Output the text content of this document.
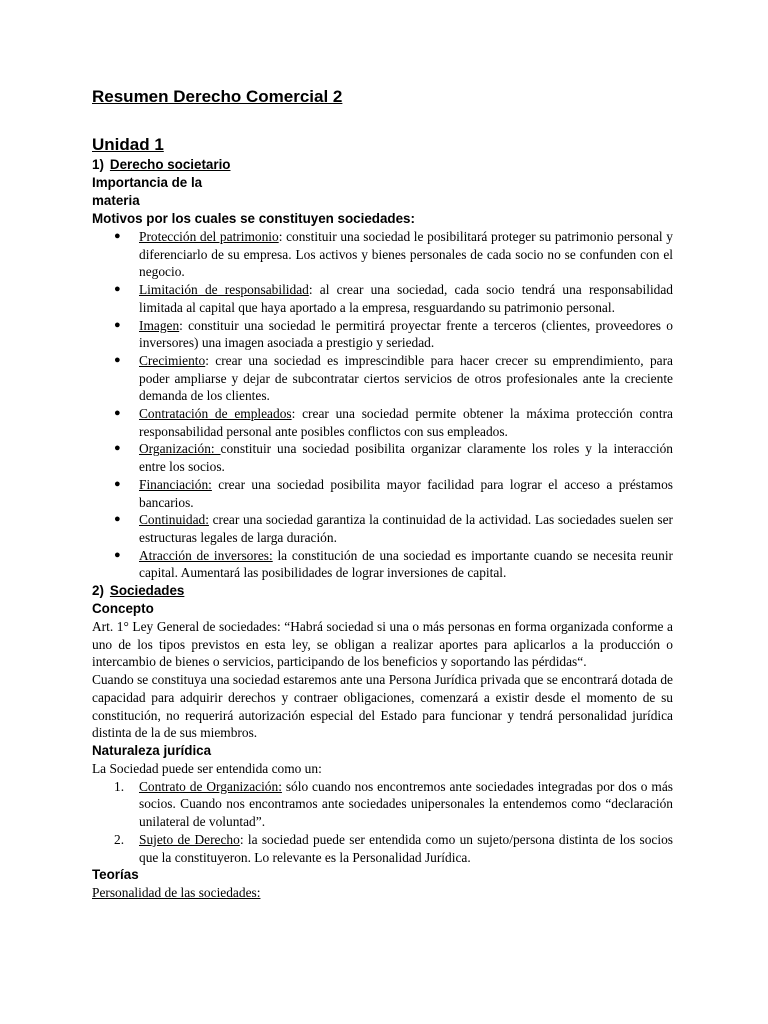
Resumen Derecho Comercial 2
Unidad 1
1) Derecho societario
Importancia de la materia
Motivos por los cuales se constituyen sociedades:
● Protección del patrimonio: constituir una sociedad le posibilitará proteger su patrimonio personal y diferenciarlo de su empresa. Los activos y bienes personales de cada socio no se confunden con el negocio.
● Limitación de responsabilidad: al crear una sociedad, cada socio tendrá una responsabilidad limitada al capital que haya aportado a la empresa, resguardando su patrimonio personal.
● Imagen: constituir una sociedad le permitirá proyectar frente a terceros (clientes, proveedores o inversores) una imagen asociada a prestigio y seriedad.
● Crecimiento: crear una sociedad es imprescindible para hacer crecer su emprendimiento, para poder ampliarse y dejar de subcontratar ciertos servicios de otros profesionales ante la creciente demanda de los clientes.
● Contratación de empleados: crear una sociedad permite obtener la máxima protección contra responsabilidad personal ante posibles conflictos con sus empleados.
● Organización: constituir una sociedad posibilita organizar claramente los roles y la interacción entre los socios.
● Financiación: crear una sociedad posibilita mayor facilidad para lograr el acceso a préstamos bancarios.
● Continuidad: crear una sociedad garantiza la continuidad de la actividad. Las sociedades suelen ser estructuras legales de larga duración.
● Atracción de inversores: la constitución de una sociedad es importante cuando se necesita reunir capital. Aumentará las posibilidades de lograr inversiones de capital.
2) Sociedades
Concepto

Art. 1° Ley General de sociedades: “Habrá sociedad si una o más personas en forma organizada conforme a uno de los tipos previstos en esta ley, se obligan a realizar aportes para aplicarlos a la producción o intercambio de bienes o servicios, participando de los beneficios y soportando las pérdidas“.

Cuando se constituya una sociedad estaremos ante una Persona Jurídica privada que se encontrará dotada de capacidad para adquirir derechos y contraer obligaciones, comenzará a existir desde el momento de su constitución, no requerirá autorización especial del Estado para funcionar y tendrá personalidad jurídica distinta de la de sus miembros.

Naturaleza jurídica

La Sociedad puede ser entendida como un:

1. Contrato de Organización: sólo cuando nos encontremos ante sociedades integradas por dos o más socios. Cuando nos encontramos ante sociedades unipersonales la entendemos como “declaración unilateral de voluntad”.
2. Sujeto de Derecho: la sociedad puede ser entendida como un sujeto/persona distinta de los socios que la constituyeron. Lo relevante es la Personalidad Jurídica.
Teorías
Personalidad de las sociedades:
